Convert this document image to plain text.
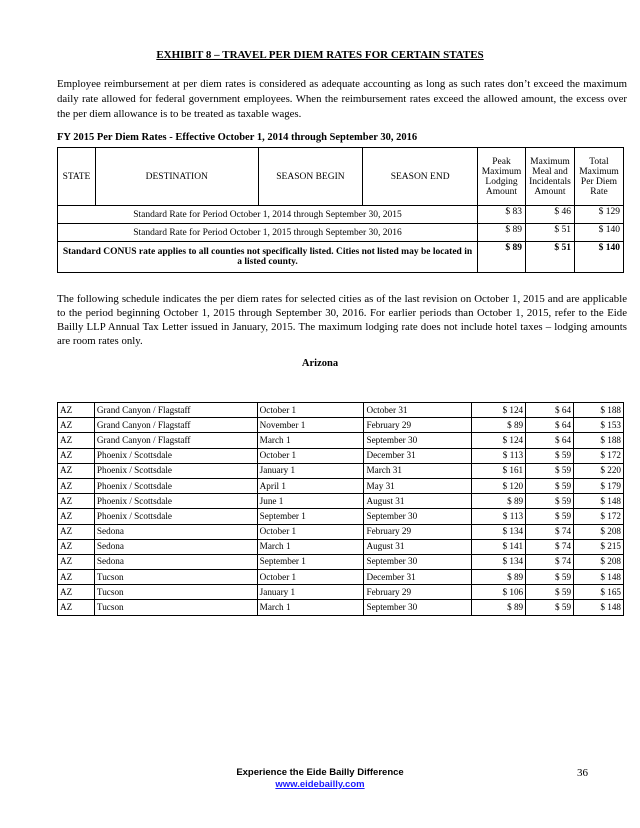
EXHIBIT 8 – TRAVEL PER DIEM RATES FOR CERTAIN STATES

Employee reimbursement at per diem rates is considered as adequate accounting as long as such rates don’t exceed the maximum daily rate allowed for federal government employees. When the reimbursement rates exceed the allowed amount, the excess over the per diem allowance is to be treated as taxable wages.

FY 2015 Per Diem Rates - Effective October 1, 2014 through September 30, 2016
STATE	DESTINATION	SEASON BEGIN	SEASON END	Peak Maximum Lodging Amount	Maximum Meal and Incidentals Amount	Total Maximum Per Diem Rate
Standard Rate for Period October 1, 2014 through September 30, 2015				$ 83	$ 46	$ 129
Standard Rate for Period October 1, 2015 through September 30, 2016				$ 89	$ 51	$ 140
Standard CONUS rate applies to all counties not specifically listed. Cities not listed may be located in a listed county.				$ 89	$ 51	$ 140

The following schedule indicates the per diem rates for selected cities as of the last revision on October 1, 2015 and are applicable to the period beginning October 1, 2015 through September 30, 2016. For earlier periods than October 1, 2015, refer to the Eide Bailly LLP Annual Tax Letter issued in January, 2015. The maximum lodging rate does not include hotel taxes – lodging amounts are room rates only.

Arizona
AZ	Grand Canyon / Flagstaff	October 1	October 31	$ 124	$ 64	$ 188
AZ	Grand Canyon / Flagstaff	November 1	February 29	$ 89	$ 64	$ 153
AZ	Grand Canyon / Flagstaff	March 1	September 30	$ 124	$ 64	$ 188
AZ	Phoenix / Scottsdale	October 1	December 31	$ 113	$ 59	$ 172
AZ	Phoenix / Scottsdale	January 1	March 31	$ 161	$ 59	$ 220
AZ	Phoenix / Scottsdale	April 1	May 31	$ 120	$ 59	$ 179
AZ	Phoenix / Scottsdale	June 1	August 31	$ 89	$ 59	$ 148
AZ	Phoenix / Scottsdale	September 1	September 30	$ 113	$ 59	$ 172
AZ	Sedona	October 1	February 29	$ 134	$ 74	$ 208
AZ	Sedona	March 1	August 31	$ 141	$ 74	$ 215
AZ	Sedona	September 1	September 30	$ 134	$ 74	$ 208
AZ	Tucson	October 1	December 31	$ 89	$ 59	$ 148
AZ	Tucson	January 1	February 29	$ 106	$ 59	$ 165
AZ	Tucson	March 1	September 30	$ 89	$ 59	$ 148
Experience the Eide Bailly Difference
www.eidebailly.com
36
